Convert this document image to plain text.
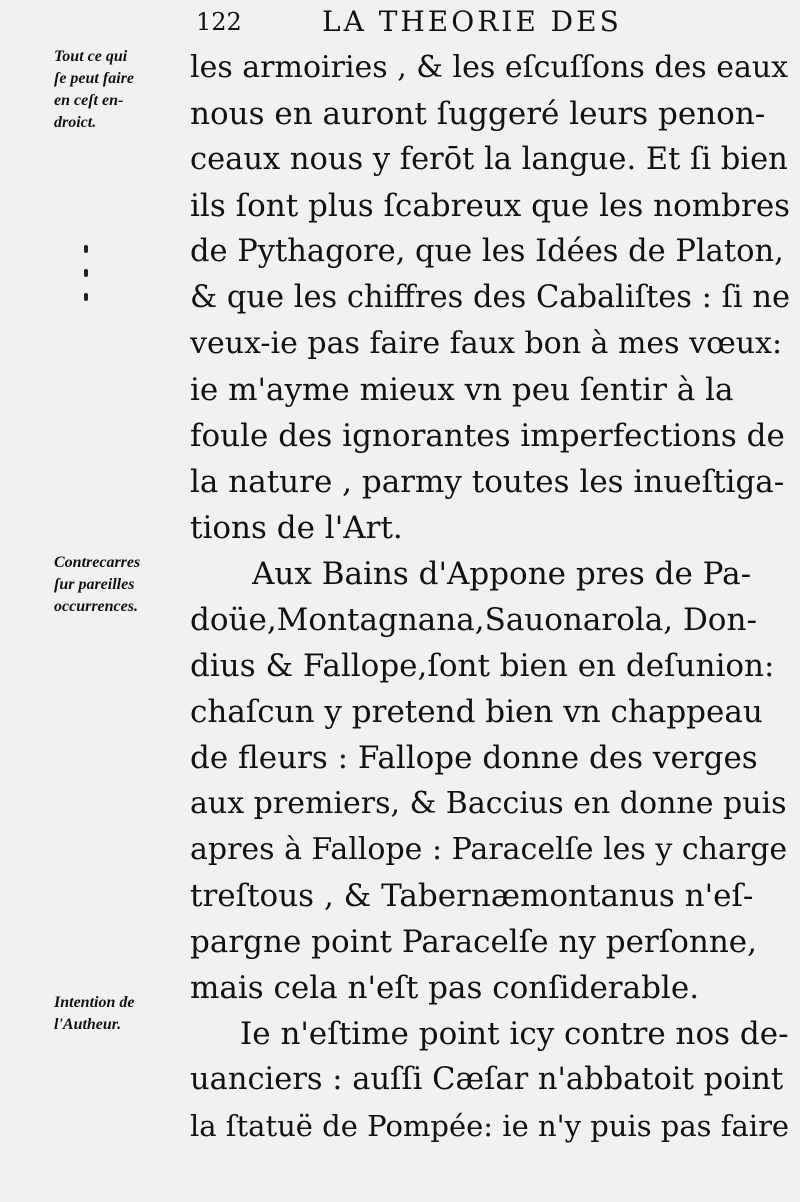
122	LA THEORIE DES
Tout ce qui
ſe peut faire
en ceſt en-
droict.
Contrecarres
ſur pareilles
occurrences.
Intention de
l'Autheur.
les armoiries , & les eſcuſſons des eaux
nous en auront ſuggeré leurs penon-
ceaux nous y ferōt la langue. Et ſi bien
ils ſont plus ſcabreux que les nombres
de Pythagore, que les Idées de Platon,
& que les chiffres des Cabaliſtes : ſi ne
veux-ie pas faire faux bon à mes vœux:
ie m'ayme mieux vn peu ſentir à la
foule des ignorantes imperfections de
la nature , parmy toutes les inueſtiga-
tions de l'Art.
Aux Bains d'Appone pres de Pa-
doüe,Montagnana,Sauonarola, Don-
dius & Fallope,ſont bien en deſunion:
chaſcun y pretend bien vn chappeau
de fleurs : Fallope donne des verges
aux premiers, & Baccius en donne puis
apres à Fallope : Paracelſe les y charge
treſtous , & Tabernæmontanus n'eſ-
pargne point Paracelſe ny perſonne,
mais cela n'eſt pas conſiderable.
Ie n'eſtime point icy contre nos de-
uanciers : auſſi Cæſar n'abbatoit point
la ſtatuë de Pompée: ie n'y puis pas faire
